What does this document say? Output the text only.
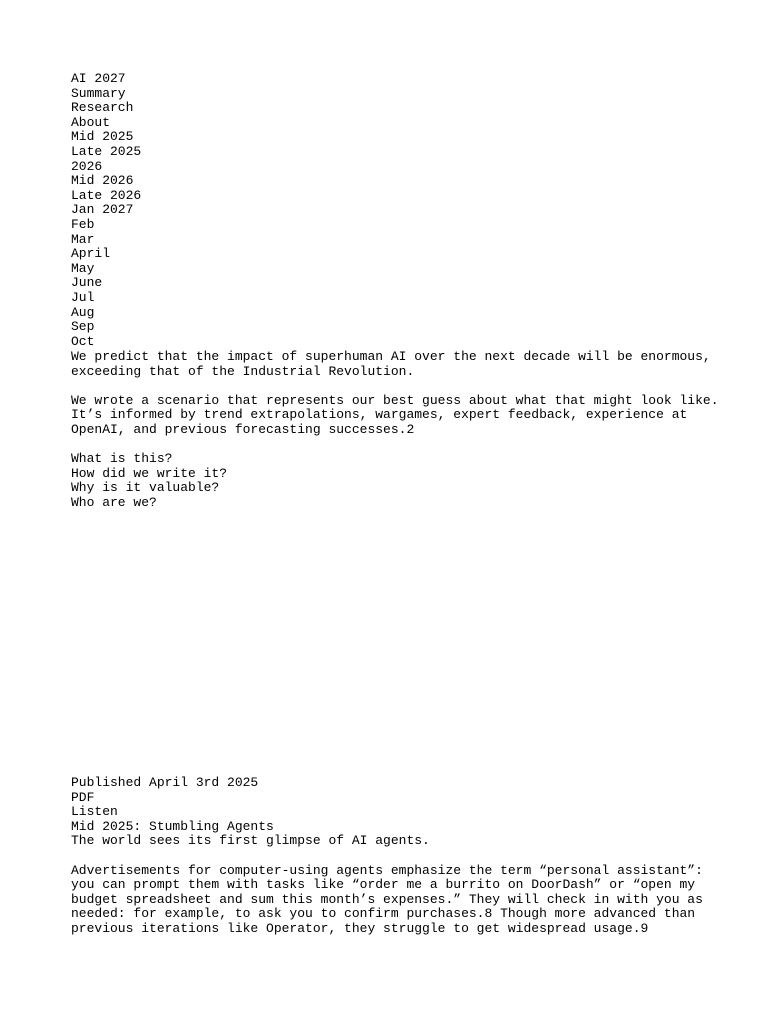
AI 2027
Summary
Research
About
Mid 2025
Late 2025
2026
Mid 2026
Late 2026
Jan 2027
Feb
Mar
April
May
June
Jul
Aug
Sep
Oct

We predict that the impact of superhuman AI over the next decade will be enormous, exceeding that of the Industrial Revolution.

We wrote a scenario that represents our best guess about what that might look like. It’s informed by trend extrapolations, wargames, expert feedback, experience at OpenAI, and previous forecasting successes.2

What is this?
How did we write it?
Why is it valuable?
Who are we?
Published April 3rd 2025
PDF
Listen
Mid 2025: Stumbling Agents

The world sees its first glimpse of AI agents.

Advertisements for computer-using agents emphasize the term “personal assistant”: you can prompt them with tasks like “order me a burrito on DoorDash” or “open my budget spreadsheet and sum this month’s expenses.” They will check in with you as needed: for example, to ask you to confirm purchases.8 Though more advanced than previous iterations like Operator, they struggle to get widespread usage.9
